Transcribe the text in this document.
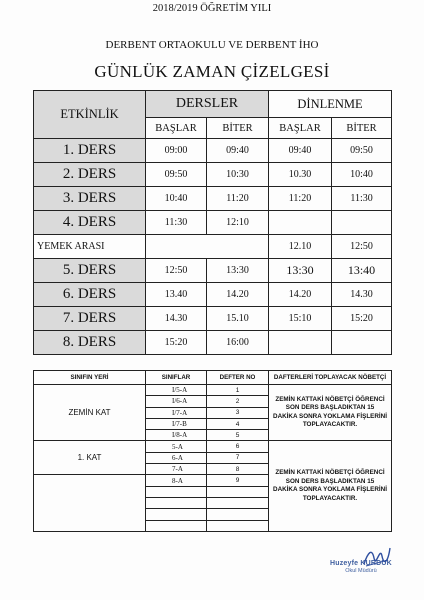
2018/2019 ÖĞRETİM YILI
DERBENT ORTAOKULU VE DERBENT İHO
GÜNLÜK ZAMAN ÇİZELGESİ
ETKİNLİK	DERSLER		DİNLENME	
	BAŞLAR	BİTER	BAŞLAR	BİTER
1. DERS	09:00	09:40	09:40	09:50
2. DERS	09:50	10:30	10.30	10:40
3. DERS	10:40	11:20	11:20	11:30
4. DERS	11:30	12:10		
YEMEK ARASI			12.10	12:50
5. DERS	12:50	13:30	13:30	13:40
6. DERS	13.40	14.20	14.20	14.30
7. DERS	14.30	15.10	15:10	15:20
8. DERS	15:20	16:00		
SINIFIN YERİ	SINIFLAR	DEFTER NO	DAFTERLERİ TOPLAYACAK NÖBETÇİ
ZEMİN KAT	I/5-A	1	ZEMİN KATTAKİ NÖBETÇİ ÖĞRENCİ SON DERS BAŞLADIKTAN 15 DAKİKA SONRA YOKLAMA FİŞLERİNİ TOPLAYACAKTIR.
	I/6-A	2	
	I/7-A	3	
	I/7-B	4	
	I/8-A	5	
1. KAT	5-A	6	ZEMİN KATTAKİ NÖBETÇİ ÖĞRENCİ SON DERS BAŞLADIKTAN 15 DAKİKA SONRA YOKLAMA FİŞLERİNİ TOPLAYACAKTIR.
	6-A	7	
	7-A	8	
	8-A	9	

Huzeyfe KURDUK
Okul Müdürü
